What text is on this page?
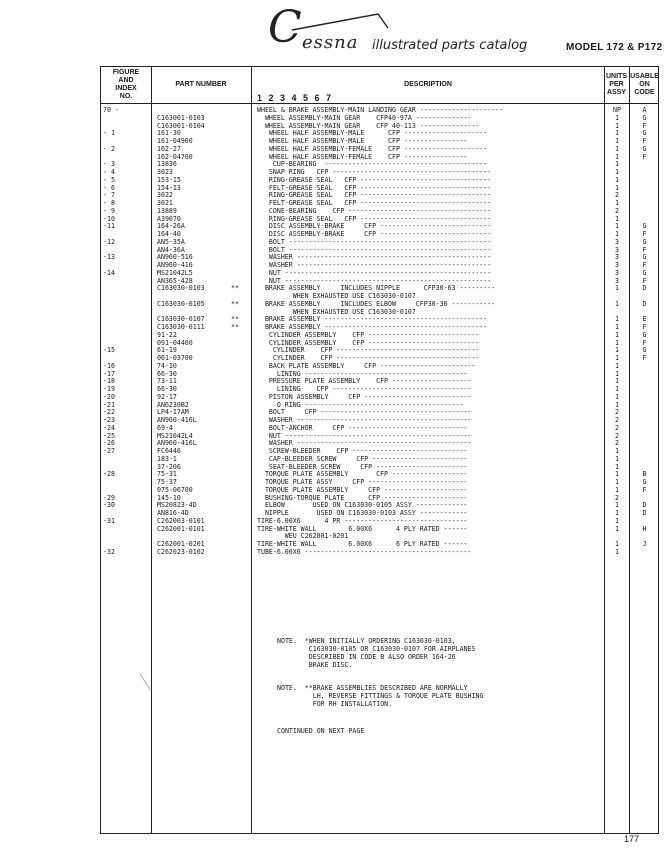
C essna illustrated parts catalog	MODEL 172 & P172
FIGURE
AND
INDEX
NO.
PART NUMBER	DESCRIPTION
1 2 3 4 5 6 7
UNITS
PER
ASSY
USABLE
ON
CODE
70 -	WHEEL & BRAKE ASSEMBLY-MAIN LANDING GEAR ---------------------	NP	A
C163001-0103	WHEEL ASSEMBLY-MAIN GEAR    CFP40-97A --------------	1	G
C163001-0104	WHEEL ASSEMBLY-MAIN GEAR    CFP 40-113 ---------------	1	F
- 1	161-30	WHEEL HALF ASSEMBLY-MALE      CFP ---------------------	1	G
161-04900	WHEEL HALF ASSEMBLY-MALE      CFP ----------------	1	F
- 2	162-27	WHEEL HALF ASSEMBLY-FEMALE    CFP ---------------------	1	G
162-04700	WHEEL HALF ASSEMBLY-FEMALE    CFP ----------------	1	F
- 3	13836	CUP-BEARING  -----------------------------------------	1
- 4	3023	SNAP RING   CFP ----------------------------------------	1
- 5	153-15	RING-GREASE SEAL   CFP ---------------------------------	1
- 6	154-13	FELT-GREASE SEAL   CFP ---------------------------------	1
- 7	3022	RING-GREASE SEAL   CFP ---------------------------------	2
- 8	3021	FELT-GREASE SEAL   CFP ---------------------------------	1
- 9	13889	CONE-BEARING    CFP ------------------------------------	2
-10	A39070	RING-GREASE SEAL   CFP ---------------------------------	1
-11	164-26A	DISC ASSEMBLY-BRAKE     CFP ----------------------------	1	G
164-40	DISC ASSEMBLY-BRAKE     CFP ----------------------------	1	F
-12	AN5-35A	BOLT ---------------------------------------------------	3	G
AN4-36A	BOLT ---------------------------------------------------	3	F
-13	AN960-516	WASHER -------------------------------------------------	3	G
AN960-416	WASHER -------------------------------------------------	3	F
-14	MS21042L5	NUT ----------------------------------------------------	3	G
AN365-428	NUT ----------------------------------------------------	3	F
C163030-0103	**	BRAKE ASSEMBLY     INCLUDES NIPPLE      CFP30-63 ---------	1	D
WHEN EXHAUSTED USE C163030-0107
C163030-0105	**	BRAKE ASSEMBLY     INCLUDES ELBOW     CFP30-36 -----------	1	D
WHEN EXHAUSTED USE C163030-0107
C163030-0107	**	BRAKE ASSEMBLY -----------------------------------------	1	E
C163030-0111	**	BRAKE ASSEMBLY -----------------------------------------	1	F
91-22	CYLINDER ASSEMBLY    CFP ----------------------------	1	G
091-04400	CYLINDER ASSEMBLY    CFP ----------------------------	1	F
-15	61-19	CYLINDER    CFP ------------------------------------	1	G
061-03700	CYLINDER    CFP ------------------------------------	1	F
-16	74-10	BACK PLATE ASSEMBLY     CFP ------------------------	1
-17	66-30	LINING -----------------------------------------	1
-18	73-11	PRESSURE PLATE ASSEMBLY    CFP --------------------	1
-19	66-30	LINING    CFP -----------------------------------	1
-20	92-17	PISTON ASSEMBLY     CFP ---------------------------	1
-21	AN6230B2	O RING ----------------------------------------	1
-22	LP4-17AM	BOLT     CFP --------------------------------------	2
-23	AN960-416L	WASHER --------------------------------------------	2
-24	69-4	BOLT-ANCHOR     CFP ------------------------------	2
-25	MS21042L4	NUT -----------------------------------------------	2
-26	AN960-416L	WASHER --------------------------------------------	2
-27	FC6446	SCREW-BLEEDER    CFP -----------------------------	1
183-1	CAP-BLEEDER SCREW     CFP ------------------------	1
37-206	SEAT-BLEEDER SCREW     CFP -----------------------	1
-28	75-31	TORQUE PLATE ASSEMBLY       CFP -------------------	1	B
75-37	TORQUE PLATE ASSY     CFP -------------------------	1	G
075-06700	TORQUE PLATE ASSEMBLY     CFP ---------------------	1	F
-29	145-10	BUSHING-TORQUE PLATE      CFP ---------------------	2
-30	MS20823-4D	ELBOW       USED ON C163030-0105 ASSY -------------	1	D
AN816-4D	NIPPLE       USED ON C163030-0103 ASSY ------------	1	D
-31	C262003-0101	TIRE-6.00X6      4 PR -------------------------------	1
C262001-0101	TIRE-WHITE WALL        6.00X6      4 PLY RATED ------	1	H
WEU C262001-0201
C262001-0201	TIRE-WHITE WALL        6.00X6      6 PLY RATED ------	1	J
-32	C262023-0102	TUBE-6.00X6 ------------------------------------------	1
NOTE.  *WHEN INITIALLY ORDERING C163030-0103,
C163030-0105 OR C163030-0107 FOR AIRPLANES
DESCRIBED IN CODE B ALSO ORDER 164-26
BRAKE DISC.
NOTE.  **BRAKE ASSEMBLIES DESCRIBED ARE NORMALLY
LH, REVERSE FITTINGS & TORQUE PLATE BUSHING
FOR RH INSTALLATION.
CONTINUED ON NEXT PAGE
177
